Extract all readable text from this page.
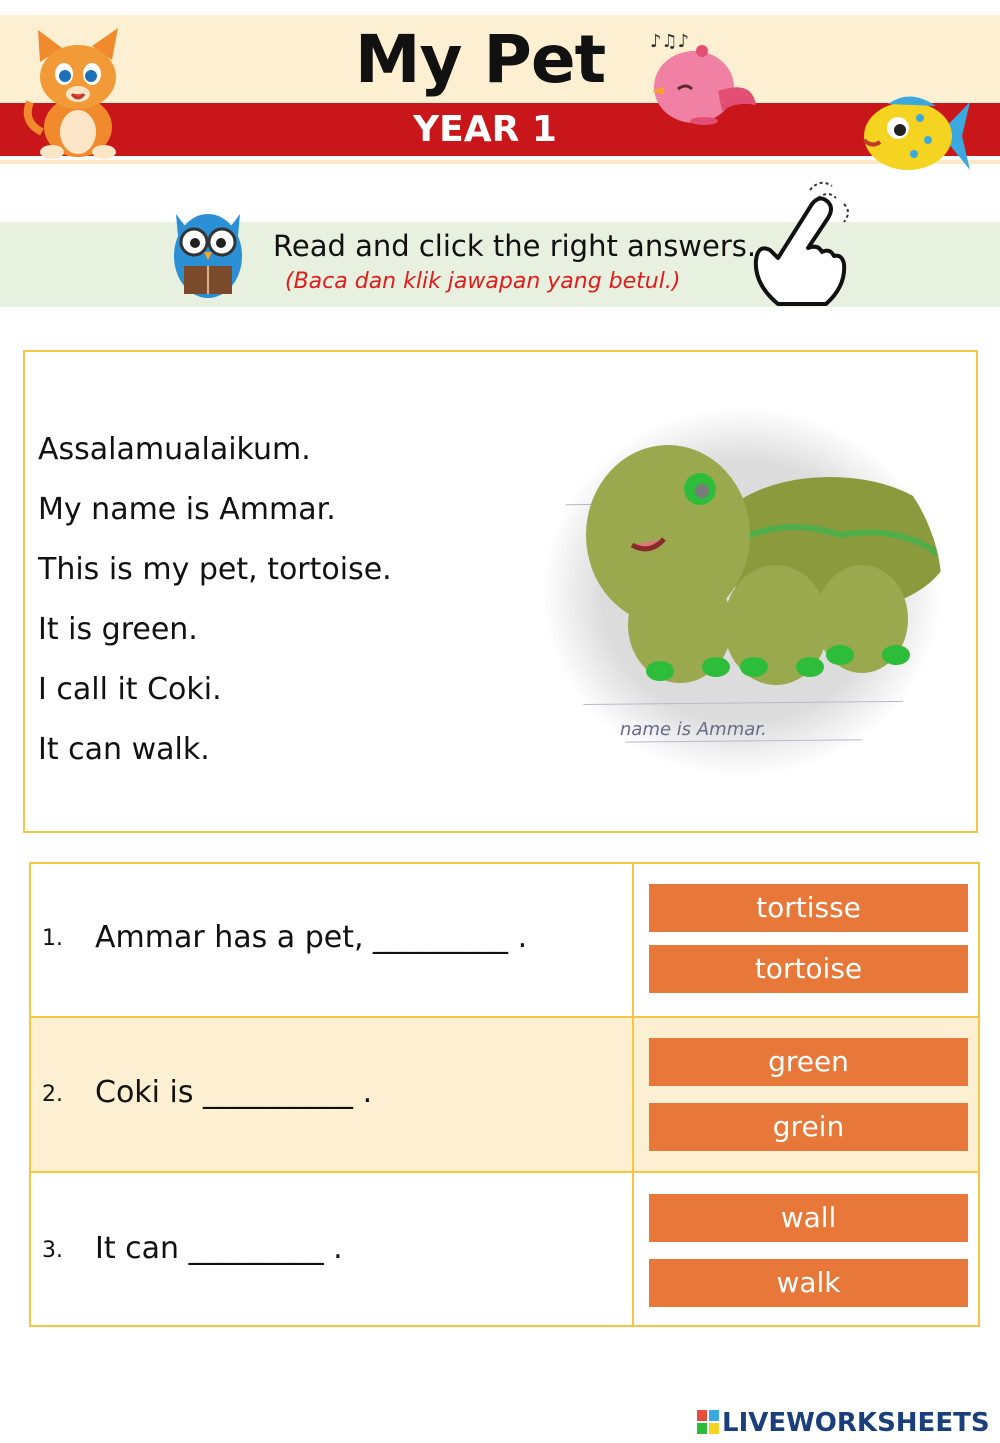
My Pet
YEAR 1
♪♫♪
Read and click the right answers.
(Baca dan klik jawapan yang betul.)
Assalamualaikum.
My name is Ammar.
This is my pet, tortoise.
It is green.
I call it Coki.
It can walk.
name is Ammar.
1. Ammar has a pet, _________ .
tortisse
tortoise
2. Coki is __________ .
green
grein
3. It can _________ .
wall
walk
LIVEWORKSHEETS
